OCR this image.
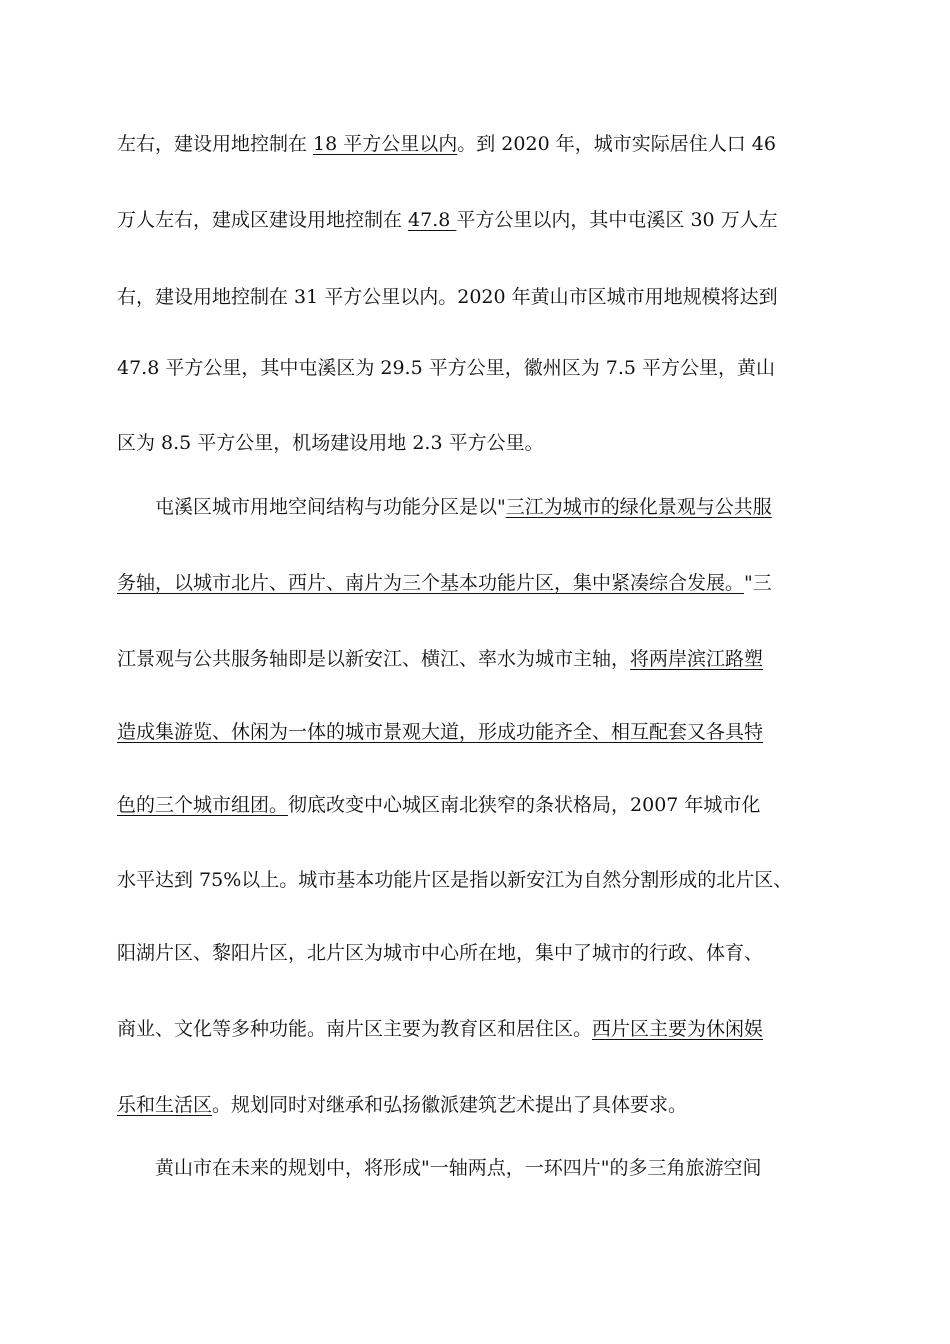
左右，建设用地控制在 18 平方公里以内。到 2020 年，城市实际居住人口 46
万人左右，建成区建设用地控制在 47.8 平方公里以内，其中屯溪区 30 万人左
右，建设用地控制在 31 平方公里以内。2020 年黄山市区城市用地规模将达到
47.8 平方公里，其中屯溪区为 29.5 平方公里，徽州区为 7.5 平方公里，黄山
区为 8.5 平方公里，机场建设用地 2.3 平方公里。
屯溪区城市用地空间结构与功能分区是以"三江为城市的绿化景观与公共服
务轴，以城市北片、西片、南片为三个基本功能片区，集中紧凑综合发展。"三
江景观与公共服务轴即是以新安江、横江、率水为城市主轴，将两岸滨江路塑
造成集游览、休闲为一体的城市景观大道，形成功能齐全、相互配套又各具特
色的三个城市组团。彻底改变中心城区南北狭窄的条状格局，2007 年城市化
水平达到 75%以上。城市基本功能片区是指以新安江为自然分割形成的北片区、
阳湖片区、黎阳片区，北片区为城市中心所在地，集中了城市的行政、体育、
商业、文化等多种功能。南片区主要为教育区和居住区。西片区主要为休闲娱
乐和生活区。规划同时对继承和弘扬徽派建筑艺术提出了具体要求。
黄山市在未来的规划中，将形成"一轴两点，一环四片"的多三角旅游空间
